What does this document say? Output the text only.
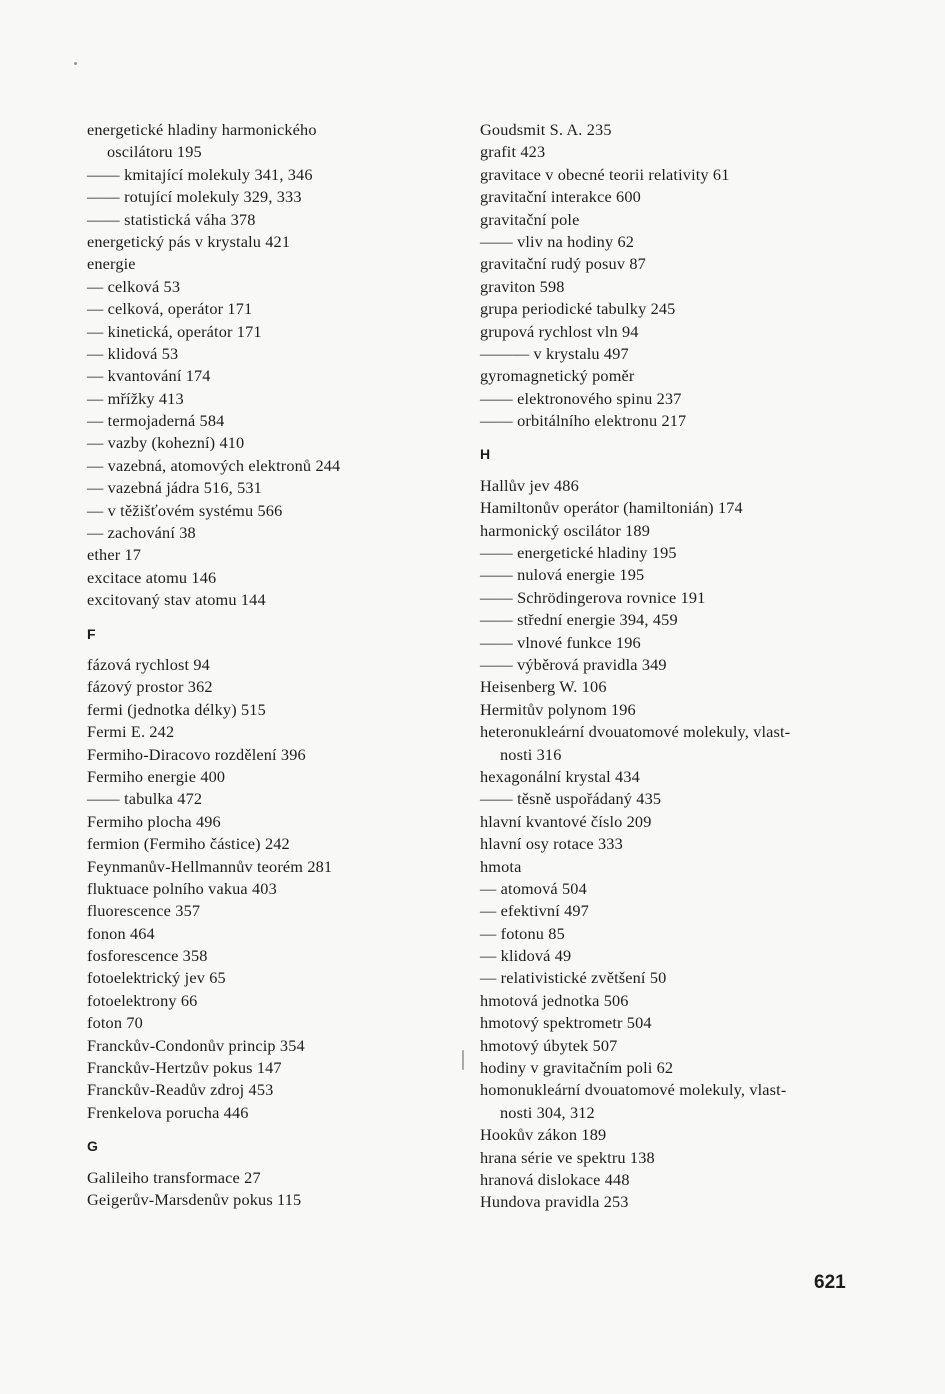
energetické hladiny harmonického
oscilátoru 195
—— kmitající molekuly 341, 346
—— rotující molekuly 329, 333
—— statistická váha 378
energetický pás v krystalu 421
energie
— celková 53
— celková, operátor 171
— kinetická, operátor 171
— klidová 53
— kvantování 174
— mřížky 413
— termojaderná 584
— vazby (kohezní) 410
— vazebná, atomových elektronů 244
— vazebná jádra 516, 531
— v těžišťovém systému 566
— zachování 38
ether 17
excitace atomu 146
excitovaný stav atomu 144
F
fázová rychlost 94
fázový prostor 362
fermi (jednotka délky) 515
Fermi E. 242
Fermiho-Diracovo rozdělení 396
Fermiho energie 400
—— tabulka 472
Fermiho plocha 496
fermion (Fermiho částice) 242
Feynmanův-Hellmannův teorém 281
fluktuace polního vakua 403
fluorescence 357
fonon 464
fosforescence 358
fotoelektrický jev 65
fotoelektrony 66
foton 70
Franckův-Condonův princip 354
Franckův-Hertzův pokus 147
Franckův-Readův zdroj 453
Frenkelova porucha 446
G
Galileiho transformace 27
Geigerův-Marsdenův pokus 115
Goudsmit S. A. 235
grafit 423
gravitace v obecné teorii relativity 61
gravitační interakce 600
gravitační pole
—— vliv na hodiny 62
gravitační rudý posuv 87
graviton 598
grupa periodické tabulky 245
grupová rychlost vln 94
——— v krystalu 497
gyromagnetický poměr
—— elektronového spinu 237
—— orbitálního elektronu 217
H
Hallův jev 486
Hamiltonův operátor (hamiltonián) 174
harmonický oscilátor 189
—— energetické hladiny 195
—— nulová energie 195
—— Schrödingerova rovnice 191
—— střední energie 394, 459
—— vlnové funkce 196
—— výběrová pravidla 349
Heisenberg W. 106
Hermitův polynom 196
heteronukleární dvouatomové molekuly, vlast-
nosti 316
hexagonální krystal 434
—— těsně uspořádaný 435
hlavní kvantové číslo 209
hlavní osy rotace 333
hmota
— atomová 504
— efektivní 497
— fotonu 85
— klidová 49
— relativistické zvětšení 50
hmotová jednotka 506
hmotový spektrometr 504
hmotový úbytek 507
hodiny v gravitačním poli 62
homonukleární dvouatomové molekuly, vlast-
nosti 304, 312
Hookův zákon 189
hrana série ve spektru 138
hranová dislokace 448
Hundova pravidla 253
621
